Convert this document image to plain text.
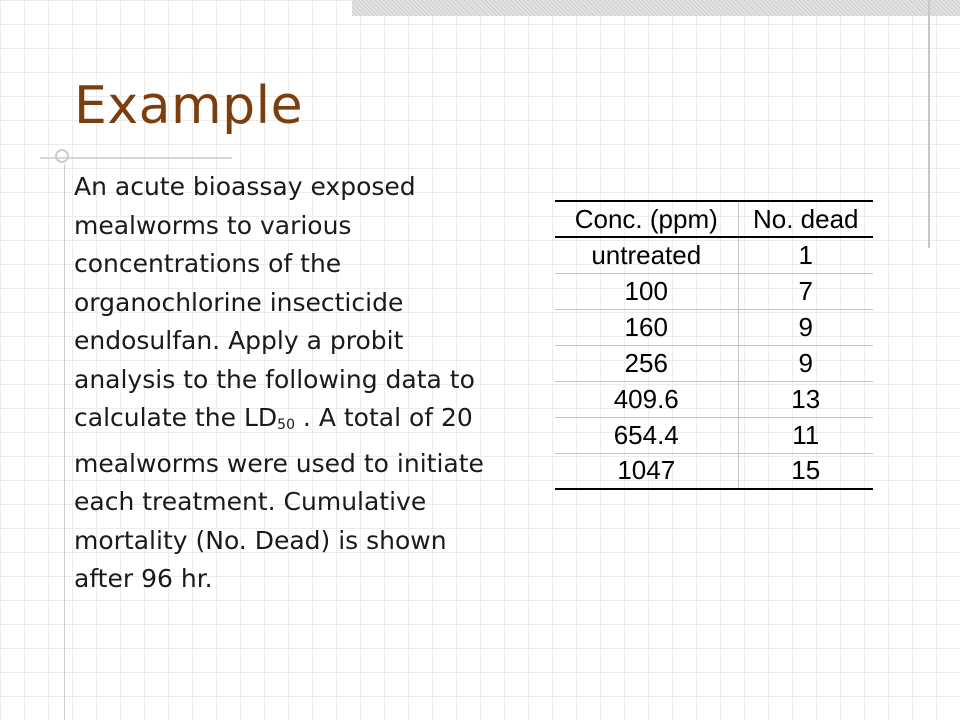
Example
An acute bioassay exposed mealworms to various concentrations of the organochlorine insecticide endosulfan. Apply a probit analysis to the following data to calculate the $LD_{50}$ . A total of 20 mealworms were used to initiate each treatment. Cumulative mortality (No. Dead) is shown after 96 hr.
Conc. (ppm)	No. dead
untreated	1
100	7
160	9
256	9
409.6	13
654.4	11
1047	15
